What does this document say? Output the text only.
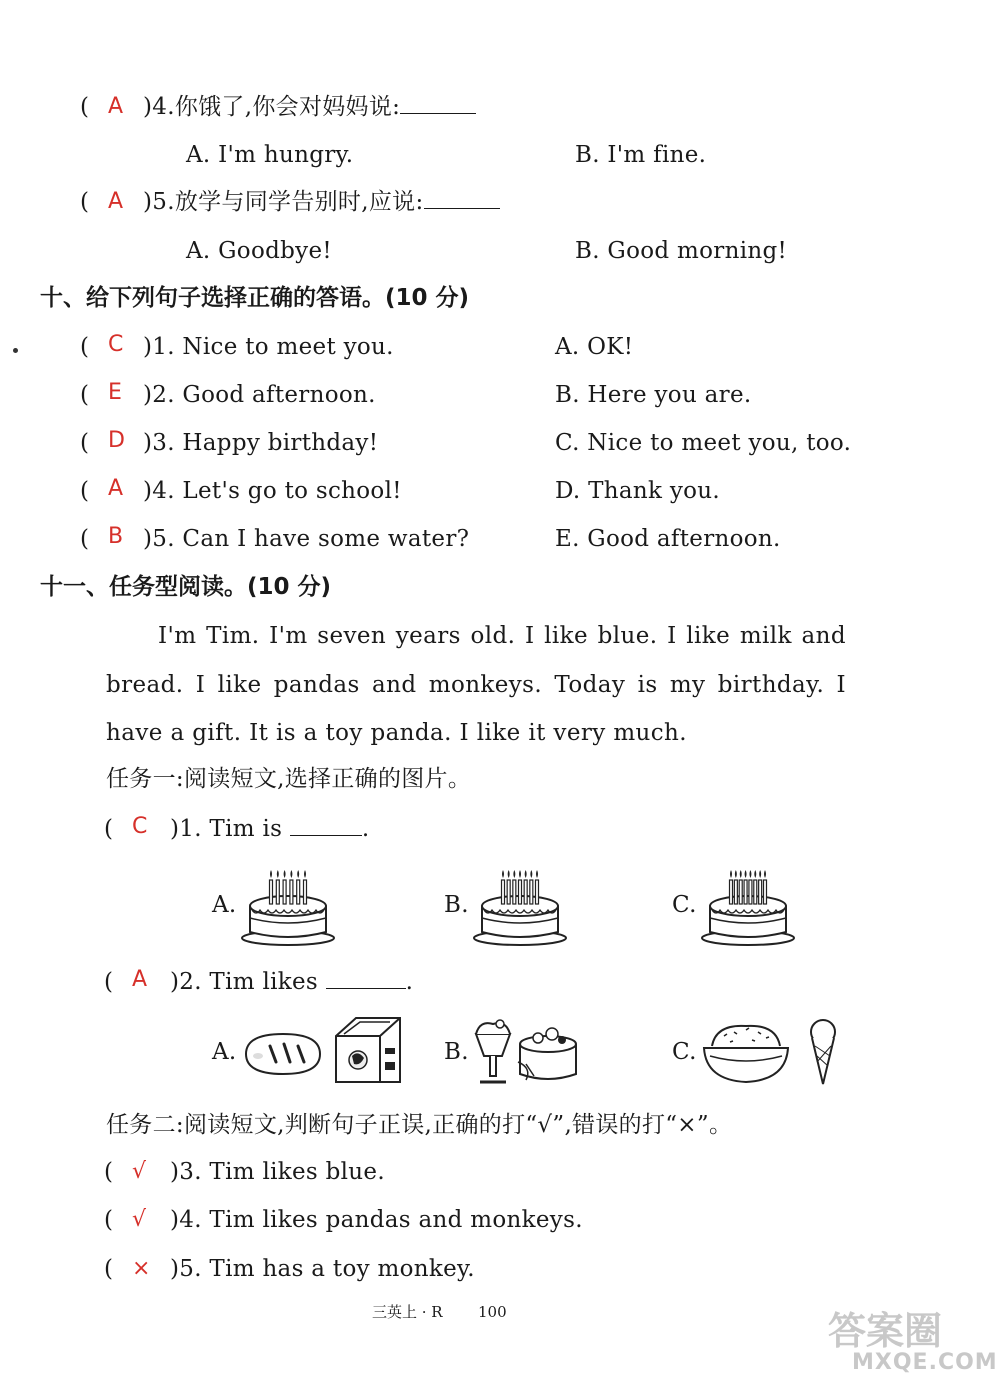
( A )4.你饿了,你会对妈妈说:
A. I'm hungry.	B. I'm fine.
( A )5.放学与同学告别时,应说:
A. Goodbye!	B. Good morning!
十、给下列句子选择正确的答语。(10 分)
( C )1. Nice to meet you.	A. OK!
( E )2. Good afternoon.	B. Here you are.
( D )3. Happy birthday!	C. Nice to meet you, too.
( A )4. Let's go to school!	D. Thank you.
( B )5. Can I have some water?	E. Good afternoon.
十一、任务型阅读。(10 分)
I'm Tim. I'm seven years old. I like blue. I like milk and bread. I like pandas and monkeys. Today is my birthday. I have a gift. It is a toy panda. I like it very much.
任务一:阅读短文,选择正确的图片。
( C )1. Tim is	.
A.	B.	C.
( A )2. Tim likes	.
A.	B.	C.
任务二:阅读短文,判断句子正误,正确的打“√”,错误的打“×”。
( √ )3. Tim likes blue.
( √ )4. Tim likes pandas and monkeys.
( × )5. Tim has a toy monkey.
三英上 · R 100	答案圈
MXQE.COM
